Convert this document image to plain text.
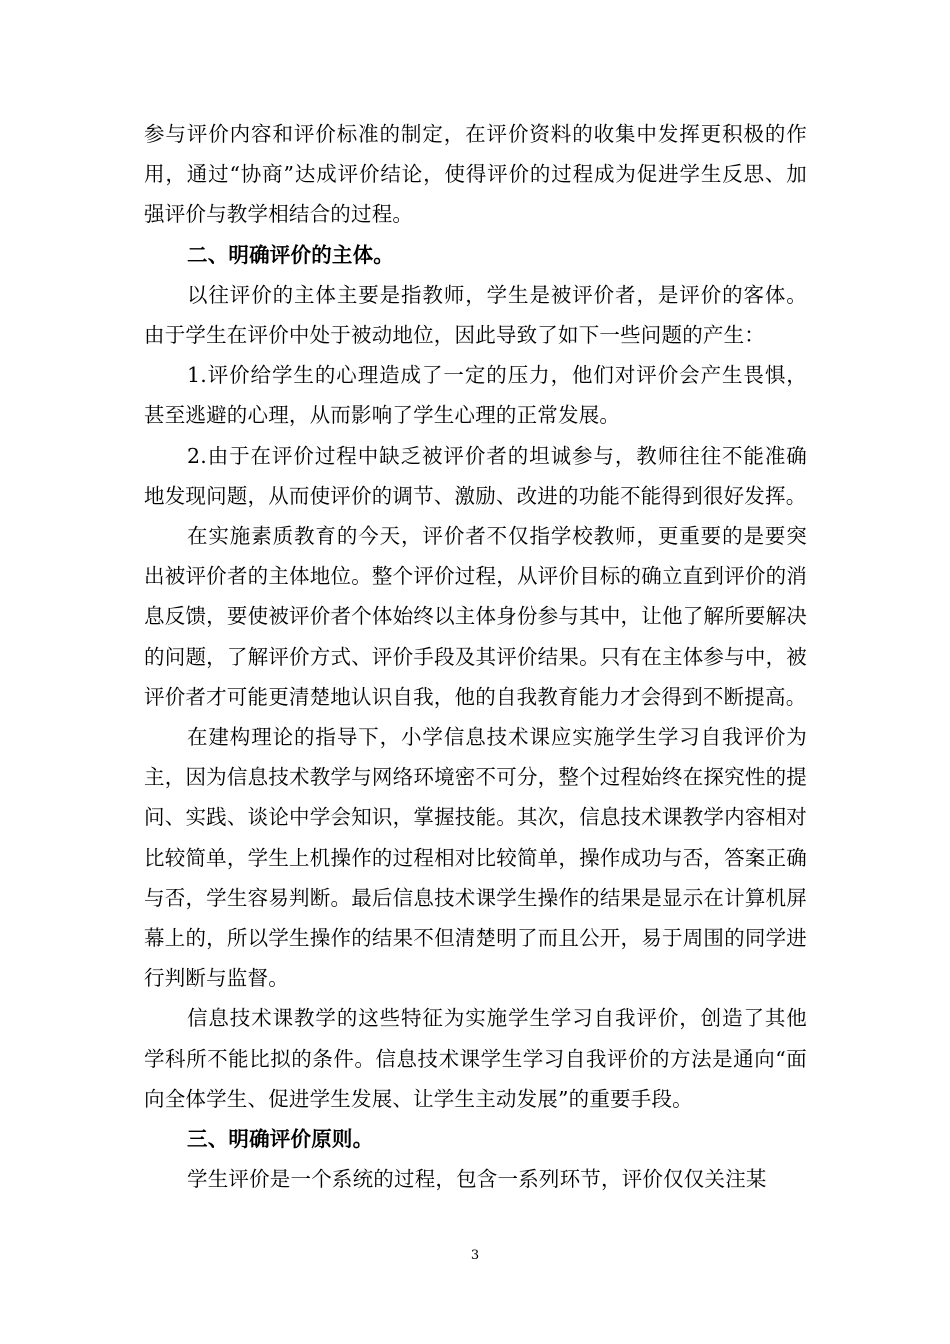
参与评价内容和评价标准的制定，在评价资料的收集中发挥更积极的作用，通过“协商”达成评价结论，使得评价的过程成为促进学生反思、加强评价与教学相结合的过程。

二、明确评价的主体。

以往评价的主体主要是指教师，学生是被评价者，是评价的客体。由于学生在评价中处于被动地位，因此导致了如下一些问题的产生：

1.评价给学生的心理造成了一定的压力，他们对评价会产生畏惧，甚至逃避的心理，从而影响了学生心理的正常发展。

2.由于在评价过程中缺乏被评价者的坦诚参与，教师往往不能准确地发现问题，从而使评价的调节、激励、改进的功能不能得到很好发挥。

在实施素质教育的今天，评价者不仅指学校教师，更重要的是要突出被评价者的主体地位。整个评价过程，从评价目标的确立直到评价的消息反馈，要使被评价者个体始终以主体身份参与其中，让他了解所要解决的问题，了解评价方式、评价手段及其评价结果。只有在主体参与中，被评价者才可能更清楚地认识自我，他的自我教育能力才会得到不断提高。

在建构理论的指导下，小学信息技术课应实施学生学习自我评价为主，因为信息技术教学与网络环境密不可分，整个过程始终在探究性的提问、实践、谈论中学会知识，掌握技能。其次，信息技术课教学内容相对比较简单，学生上机操作的过程相对比较简单，操作成功与否，答案正确与否，学生容易判断。最后信息技术课学生操作的结果是显示在计算机屏幕上的，所以学生操作的结果不但清楚明了而且公开，易于周围的同学进行判断与监督。

信息技术课教学的这些特征为实施学生学习自我评价，创造了其他学科所不能比拟的条件。信息技术课学生学习自我评价的方法是通向“面向全体学生、促进学生发展、让学生主动发展”的重要手段。

三、明确评价原则。

学生评价是一个系统的过程，包含一系列环节，评价仅仅关注某

3
